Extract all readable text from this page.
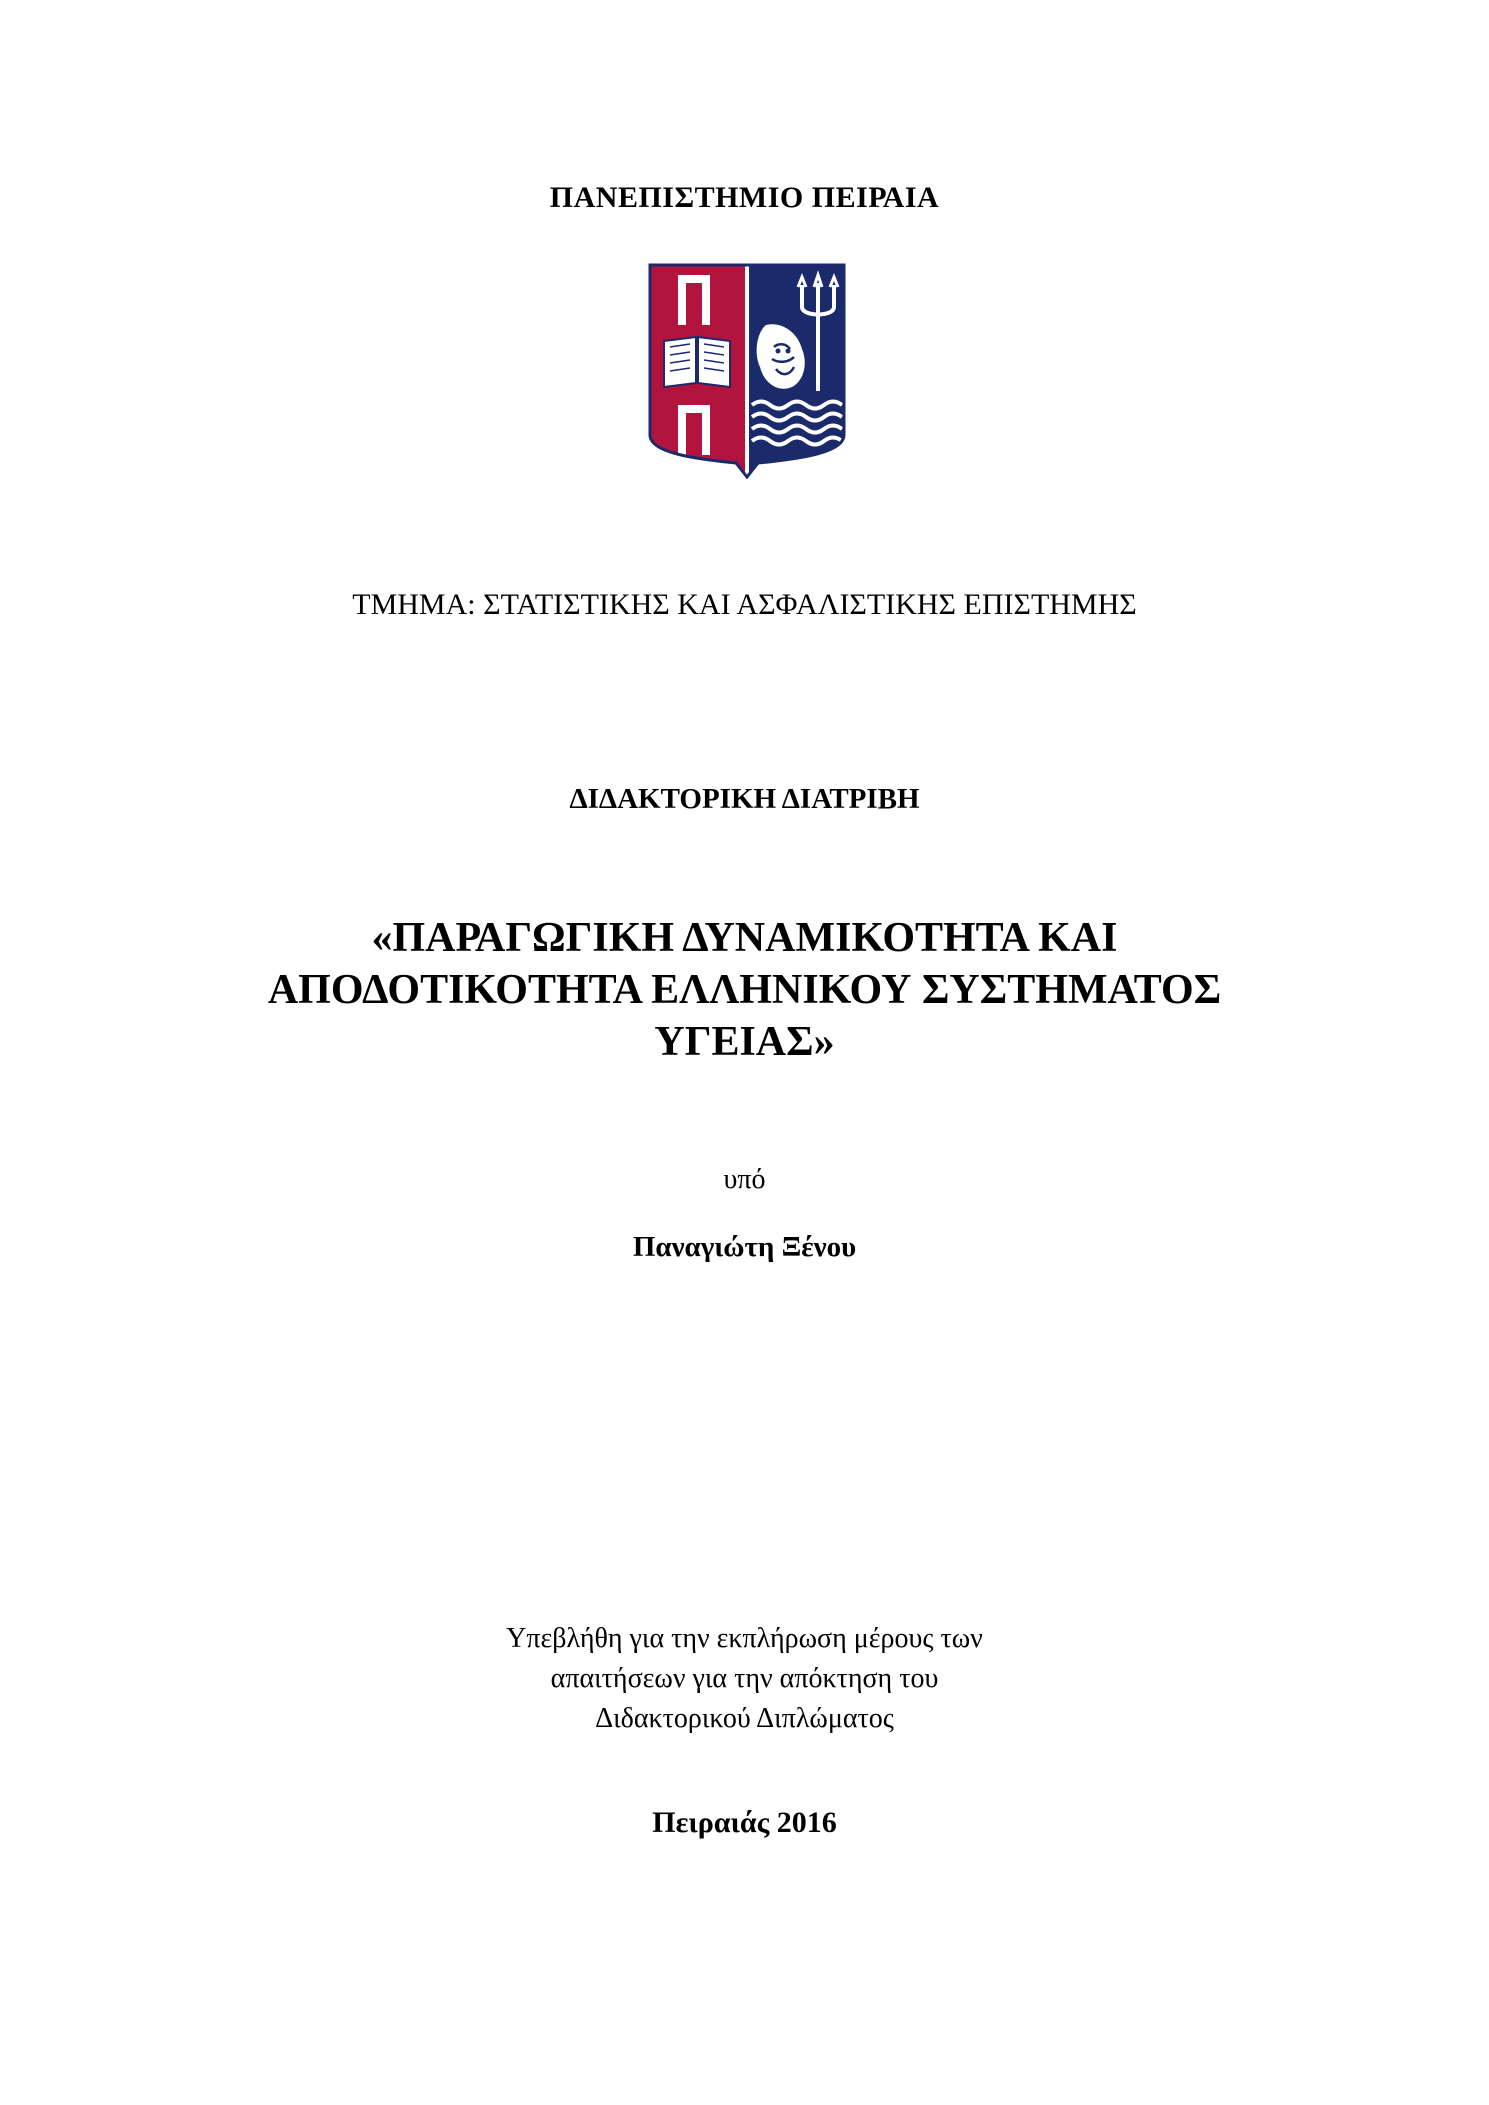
ΠΑΝΕΠΙΣΤΗΜΙΟ ΠΕΙΡΑΙΑ
ΤΜΗΜΑ: ΣΤΑΤΙΣΤΙΚΗΣ ΚΑΙ ΑΣΦΑΛΙΣΤΙΚΗΣ ΕΠΙΣΤΗΜΗΣ
ΔΙΔΑΚΤΟΡΙΚΗ ΔΙΑΤΡΙΒΗ
«ΠΑΡΑΓΩΓΙΚΗ ΔΥΝΑΜΙΚΟΤΗΤΑ ΚΑΙ
ΑΠΟΔΟΤΙΚΟΤΗΤΑ ΕΛΛΗΝΙΚΟΥ ΣΥΣΤΗΜΑΤΟΣ
ΥΓΕΙΑΣ»
υπό
Παναγιώτη Ξένου
Υπεβλήθη για την εκπλήρωση μέρους των
απαιτήσεων για την απόκτηση του
Διδακτορικού Διπλώματος
Πειραιάς 2016
